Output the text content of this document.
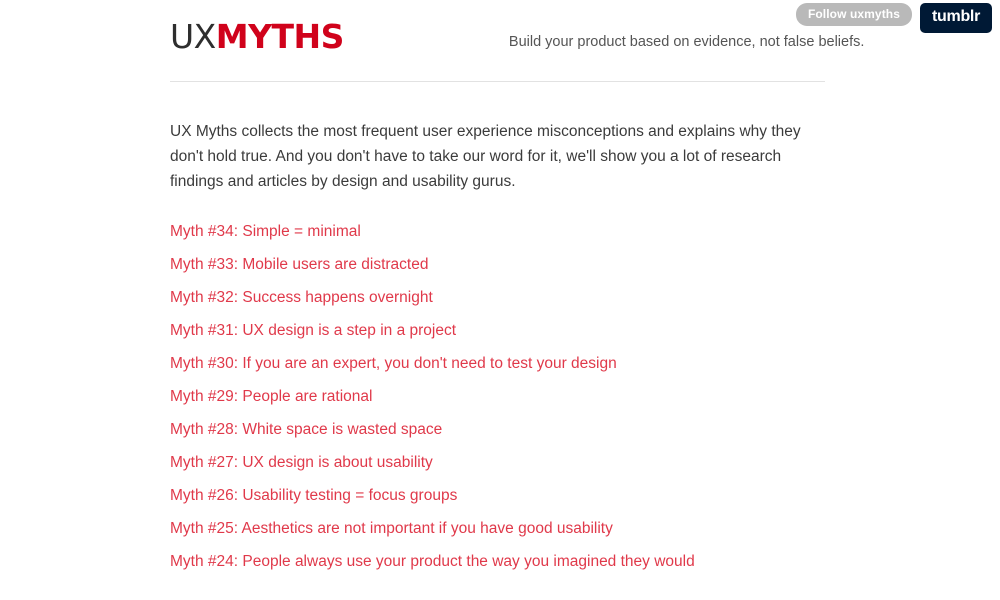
Follow uxmyths	tumblr
UXMYTHS	Build your product based on evidence, not false beliefs.

UX Myths collects the most frequent user experience misconceptions and explains why they don't hold true. And you don't have to take our word for it, we'll show you a lot of research findings and articles by design and usability gurus.

Myth #34: Simple = minimal
Myth #33: Mobile users are distracted
Myth #32: Success happens overnight
Myth #31: UX design is a step in a project
Myth #30: If you are an expert, you don't need to test your design
Myth #29: People are rational
Myth #28: White space is wasted space
Myth #27: UX design is about usability
Myth #26: Usability testing = focus groups
Myth #25: Aesthetics are not important if you have good usability
Myth #24: People always use your product the way you imagined they would
